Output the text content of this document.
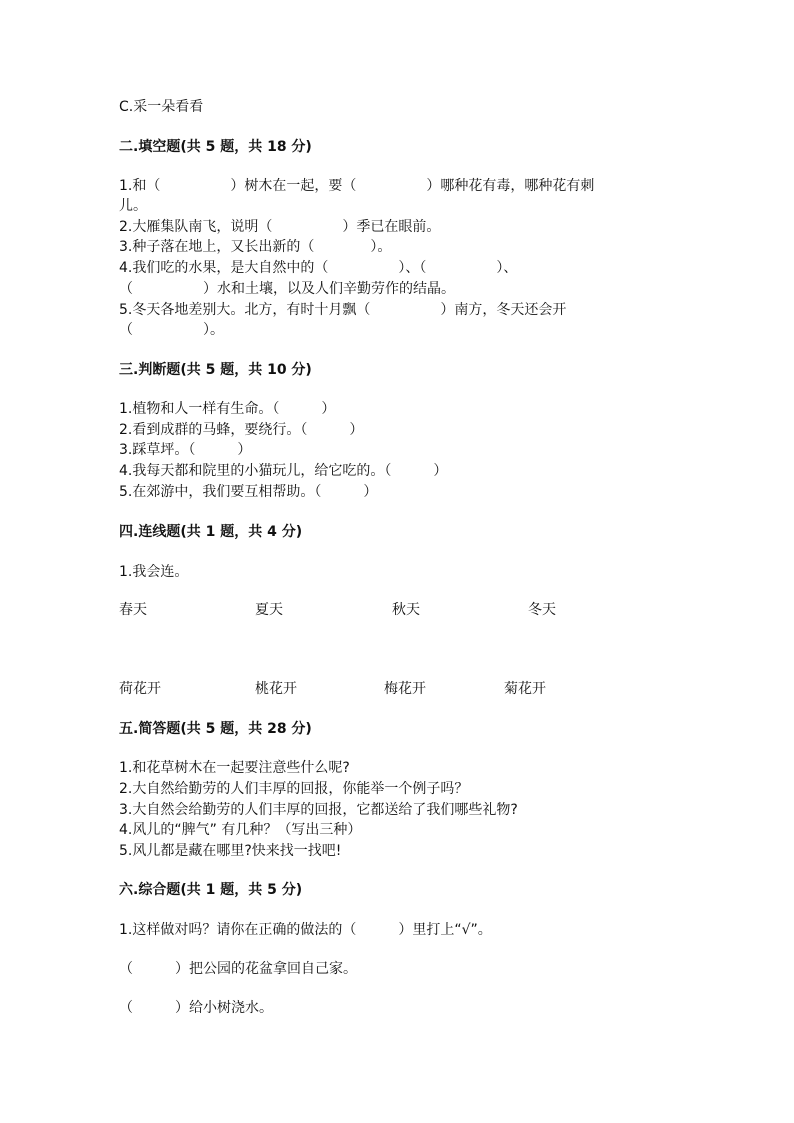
C.采一朵看看
二.填空题(共 5 题，共 18 分)
1.和（　　　　　）树木在一起，要（　　　　　）哪种花有毒，哪种花有刺
儿。
2.大雁集队南飞，说明（　　　　　）季已在眼前。
3.种子落在地上，又长出新的（　　　　）。
4.我们吃的水果，是大自然中的（　　　　　）、（　　　　　）、
（　　　　　）水和土壤，以及人们辛勤劳作的结晶。
5.冬天各地差别大。北方，有时十月飘（　　　　　）南方，冬天还会开
（　　　　　）。
三.判断题(共 5 题，共 10 分)
1.植物和人一样有生命。（　　　）
2.看到成群的马蜂，要绕行。（　　　）
3.踩草坪。（　　　）
4.我每天都和院里的小猫玩儿，给它吃的。（　　　）
5.在郊游中，我们要互相帮助。（　　　）
四.连线题(共 1 题，共 4 分)
1.我会连。
春天	夏天	秋天	冬天
荷花开	桃花开	梅花开	菊花开
五.简答题(共 5 题，共 28 分)
1.和花草树木在一起要注意些什么呢?
2.大自然给勤劳的人们丰厚的回报，你能举一个例子吗？
3.大自然会给勤劳的人们丰厚的回报，它都送给了我们哪些礼物?
4.风儿的“脾气” 有几种？（写出三种）
5.风儿都是藏在哪里?快来找一找吧!
六.综合题(共 1 题，共 5 分)
1.这样做对吗？请你在正确的做法的（　　　）里打上“√”。
（　　　）把公园的花盆拿回自己家。
（　　　）给小树浇水。
